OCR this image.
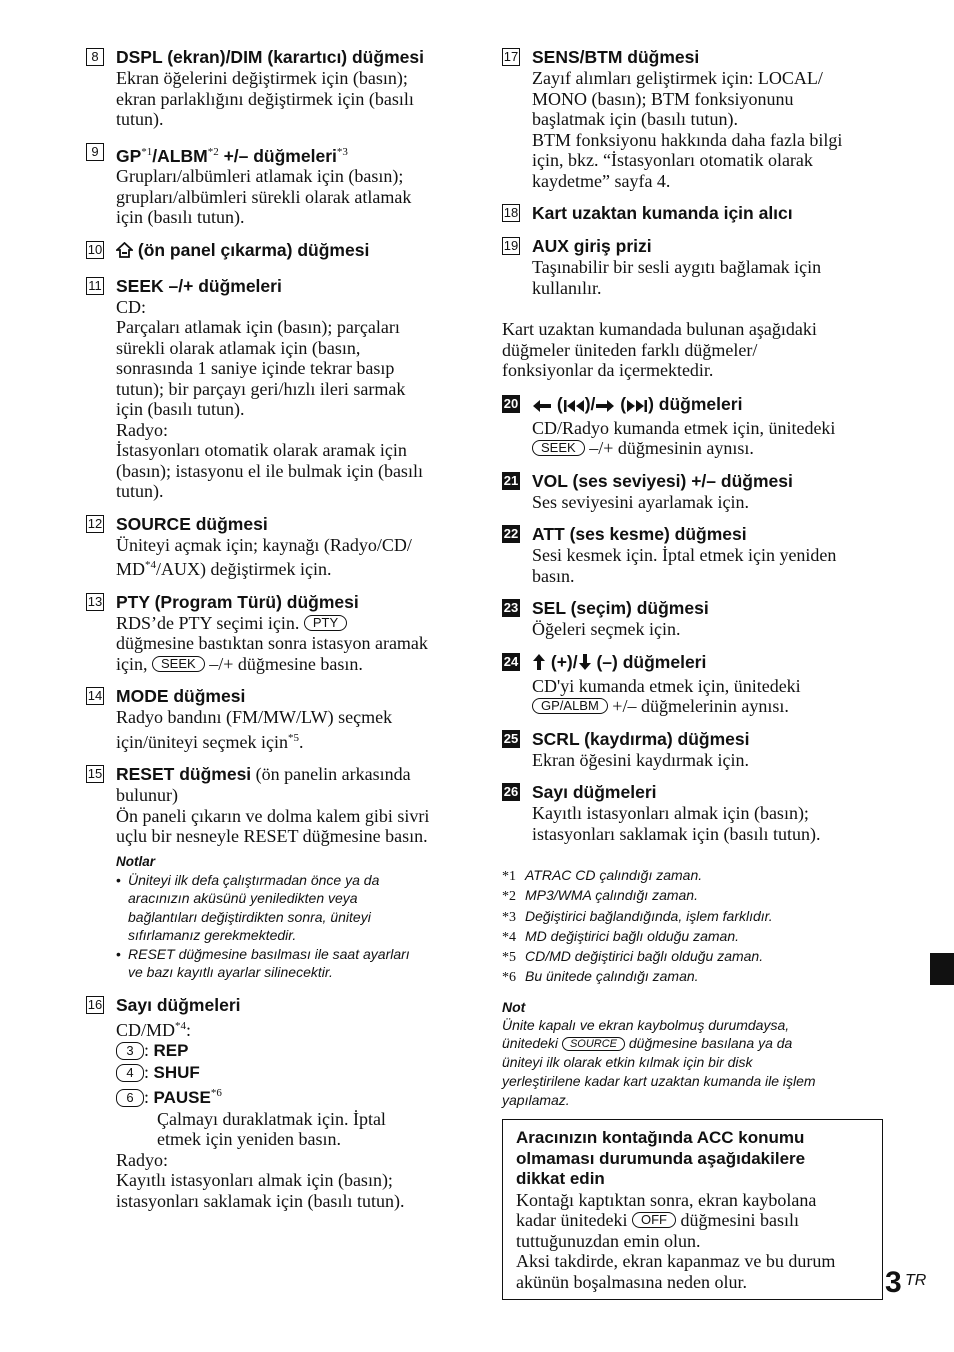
8 DSPL (ekran)/DIM (karartıcı) düğmesi
Ekran öğelerini değiştirmek için (basın);
ekran parlaklığını değiştirmek için (basılı
tutun).
9 $GP^{*1}/ALBM^{*2}$ +/– düğmeleri$^{*3}$
Grupları/albümleri atlamak için (basın);
grupları/albümleri sürekli olarak atlamak
için (basılı tutun).
10	(ön panel çıkarma) düğmesi
11 SEEK –/+ düğmeleri
CD:
Parçaları atlamak için (basın); parçaları
sürekli olarak atlamak için (basın,
sonrasında 1 saniye içinde tekrar basıp
tutun); bir parçayı geri/hızlı ileri sarmak
için (basılı tutun).
Radyo:
İstasyonları otomatik olarak aramak için
(basın); istasyonu el ile bulmak için (basılı
tutun).
12 SOURCE düğmesi
Üniteyi açmak için; kaynağı (Radyo/CD/
MD$^{*4}$/AUX) değiştirmek için.
13 PTY (Program Türü) düğmesi
RDS’de PTY seçimi için. PTY
düğmesine bastıktan sonra istasyon aramak
için, SEEK –/+ düğmesine basın.
14 MODE düğmesi
Radyo bandını (FM/MW/LW) seçmek
için/üniteyi seçmek için$^{*5}$.
15 RESET düğmesi (ön panelin arkasında
bulunur)
Ön paneli çıkarın ve dolma kalem gibi sivri
uçlu bir nesneyle RESET düğmesine basın.
Notlar
• Üniteyi ilk defa çalıştırmadan önce ya da
aracınızın aküsünü yeniledikten veya
bağlantıları değiştirdikten sonra, üniteyi
sıfırlamanız gerekmektedir.
• RESET düğmesine basılması ile saat ayarları
ve bazı kayıtlı ayarlar silinecektir.
16 Sayı düğmeleri
CD/MD$^{*4}$:
3 : REP
4 : SHUF
6 : PAUSE$^{*6}$
Çalmayı duraklatmak için. İptal
etmek için yeniden basın.
Radyo:
Kayıtlı istasyonları almak için (basın);
istasyonları saklamak için (basılı tutun).
17 SENS/BTM düğmesi
Zayıf alımları geliştirmek için: LOCAL/
MONO (basın); BTM fonksiyonunu
başlatmak için (basılı tutun).
BTM fonksiyonu hakkında daha fazla bilgi
için, bkz. “İstasyonları otomatik olarak
kaydetme” sayfa 4.
18 Kart uzaktan kumanda için alıcı
19 AUX giriş prizi
Taşınabilir bir sesli aygıtı bağlamak için
kullanılır.
Kart uzaktan kumandada bulunan aşağıdaki
düğmeler üniteden farklı düğmeler/
fonksiyonlar da içermektedir.
20	( )/ ( ) düğmeleri
CD/Radyo kumanda etmek için, ünitedeki
SEEK –/+ düğmesinin aynısı.
21 VOL (ses seviyesi) +/– düğmesi
Ses seviyesini ayarlamak için.
22 ATT (ses kesme) düğmesi
Sesi kesmek için. İptal etmek için yeniden
basın.
23 SEL (seçim) düğmesi
Öğeleri seçmek için.
24	(+)/ (–) düğmeleri
CD'yi kumanda etmek için, ünitedeki
GP/ALBM +/– düğmelerinin aynısı.
25 SCRL (kaydırma) düğmesi
Ekran öğesini kaydırmak için.
26 Sayı düğmeleri
Kayıtlı istasyonları almak için (basın);
istasyonları saklamak için (basılı tutun).
*1 ATRAC CD çalındığı zaman.
*2 MP3/WMA çalındığı zaman.
*3 Değiştirici bağlandığında, işlem farklıdır.
*4 MD değiştirici bağlı olduğu zaman.
*5 CD/MD değiştirici bağlı olduğu zaman.
*6 Bu ünitede çalındığı zaman.
Not
Ünite kapalı ve ekran kaybolmuş durumdaysa,
ünitedeki SOURCE düğmesine basılana ya da
üniteyi ilk olarak etkin kılmak için bir disk
yerleştirilene kadar kart uzaktan kumanda ile işlem
yapılamaz.
Aracınızın kontağında ACC konumu
olmaması durumunda aşağıdakilere
dikkat edin
Kontağı kaptıktan sonra, ekran kaybolana
kadar ünitedeki OFF düğmesini basılı
tuttuğunuzdan emin olun.
Aksi takdirde, ekran kapanmaz ve bu durum
akünün boşalmasına neden olur.	3 TR
